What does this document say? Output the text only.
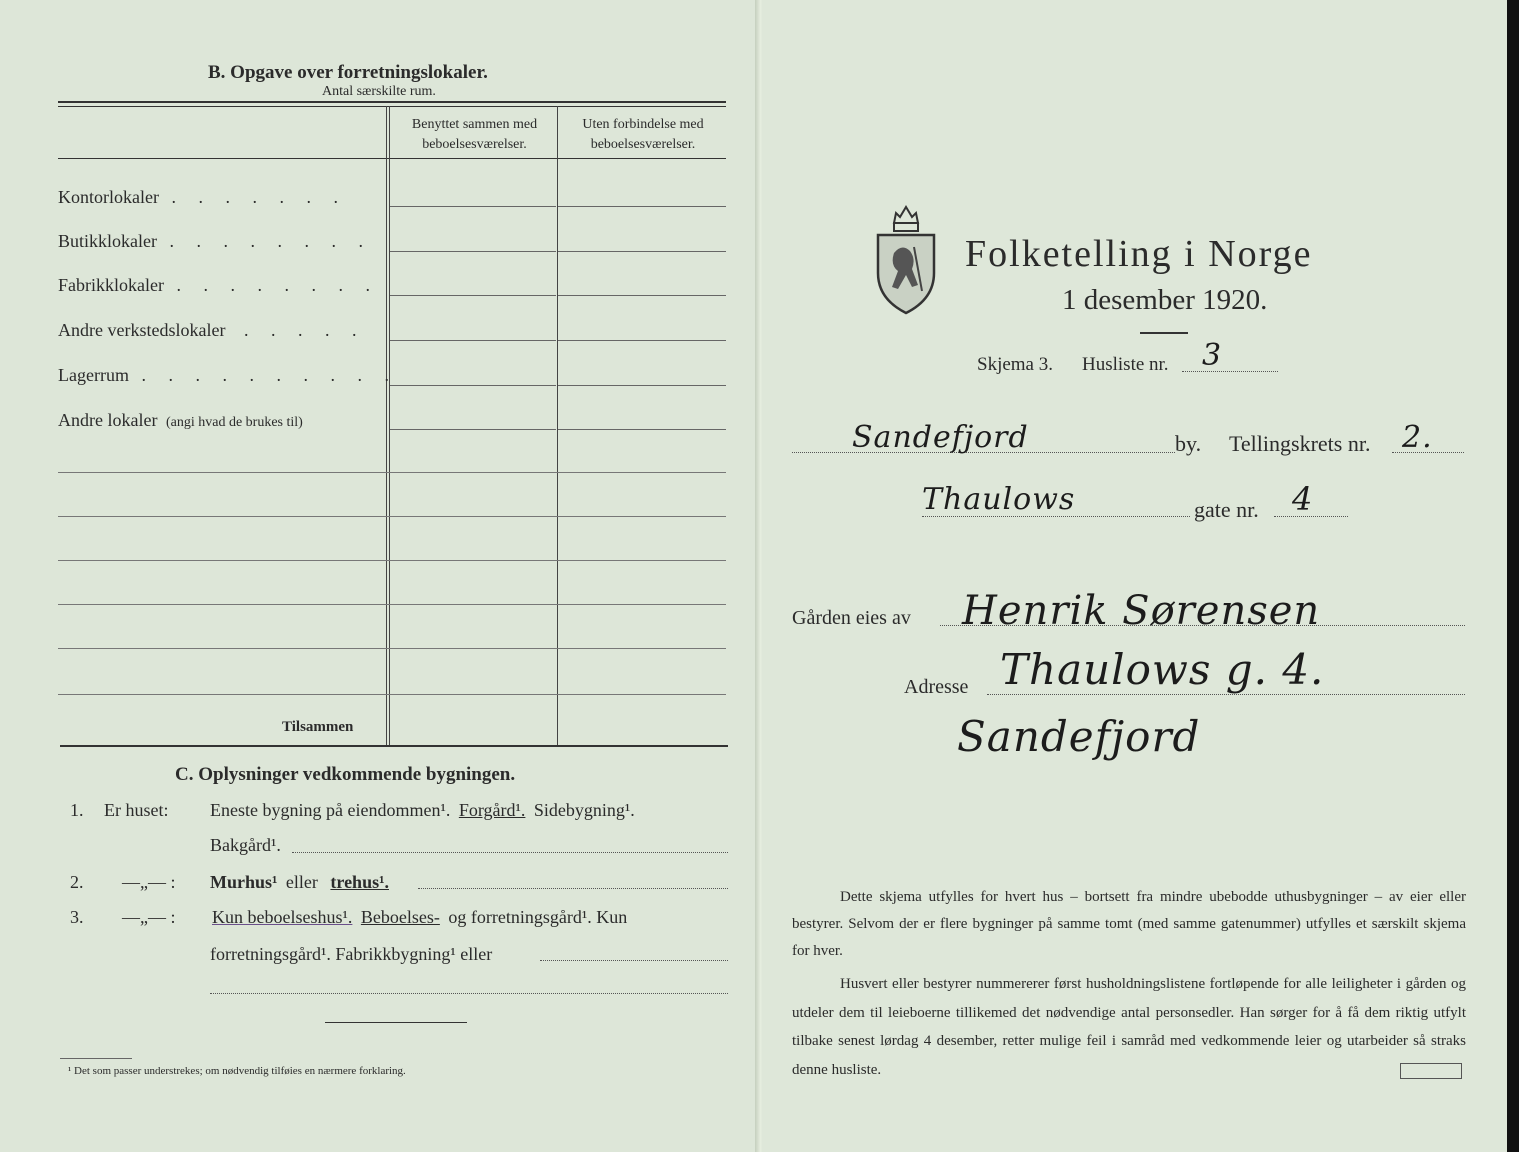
B. Opgave over forretningslokaler.
Antal særskilte rum.
Benyttet sammen med
beboelsesværelser.
Uten forbindelse med
beboelsesværelser.
Kontorlokaler . . . . . . .
Butikklokaler . . . . . . . .
Fabrikklokaler . . . . . . . .
Andre verkstedslokaler . . . . .
Lagerrum . . . . . . . . . .
Andre lokaler (angi hvad de brukes til)
Tilsammen
C. Oplysninger vedkommende bygningen.
1. Er huset: Eneste bygning på eiendommen¹. Forgård¹. Sidebygning¹.
Bakgård¹.
2. —„— : Murhus¹ eller trehus¹.
3. —„— : Kun beboelseshus¹. Beboelses- og forretningsgård¹. Kun
forretningsgård¹. Fabrikkbygning¹ eller
¹ Det som passer understrekes; om nødvendig tilføies en nærmere forklaring.
Folketelling i Norge
1 desember 1920.
Skjema 3. Husliste nr. 3
Sandefjord	by. Tellingskrets nr. 2.
Thaulows	gate nr. 4
Gården eies av Henrik Sørensen
Adresse Thaulows g. 4.
Sandefjord
Dette skjema utfylles for hvert hus – bortsett fra mindre ubebodde uthusbygninger – av eier eller bestyrer. Selvom der er flere bygninger på samme tomt (med samme gatenummer) utfylles et særskilt skjema for hver.
Husvert eller bestyrer nummererer først husholdningslistene fortløpende for alle leiligheter i gården og utdeler dem til leieboerne tillikemed det nødvendige antal personsedler. Han sørger for å få dem riktig utfylt tilbake senest lørdag 4 desember, retter mulige feil i samråd med vedkommende leier og utarbeider så straks denne husliste.
